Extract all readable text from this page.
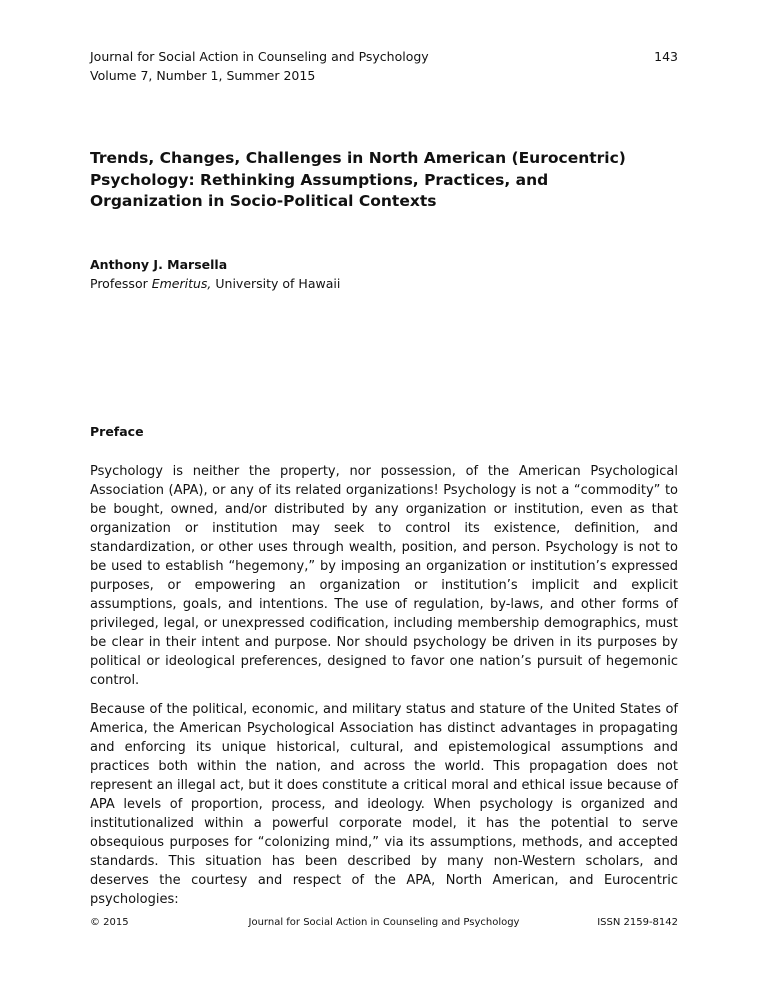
Journal for Social Action in Counseling and Psychology
Volume 7, Number 1, Summer 2015
143
Trends, Changes, Challenges in North American (Eurocentric) Psychology: Rethinking Assumptions, Practices, and Organization in Socio-Political Contexts
Anthony J. Marsella
Professor Emeritus, University of Hawaii
Preface

Psychology is neither the property, nor possession, of the American Psychological Association (APA), or any of its related organizations! Psychology is not a “commodity” to be bought, owned, and/or distributed by any organization or institution, even as that organization or institution may seek to control its existence, definition, and standardization, or other uses through wealth, position, and person. Psychology is not to be used to establish “hegemony,” by imposing an organization or institution’s expressed purposes, or empowering an organization or institution’s implicit and explicit assumptions, goals, and intentions. The use of regulation, by-laws, and other forms of privileged, legal, or unexpressed codification, including membership demographics, must be clear in their intent and purpose. Nor should psychology be driven in its purposes by political or ideological preferences, designed to favor one nation’s pursuit of hegemonic control.

Because of the political, economic, and military status and stature of the United States of America, the American Psychological Association has distinct advantages in propagating and enforcing its unique historical, cultural, and epistemological assumptions and practices both within the nation, and across the world. This propagation does not represent an illegal act, but it does constitute a critical moral and ethical issue because of APA levels of proportion, process, and ideology. When psychology is organized and institutionalized within a powerful corporate model, it has the potential to serve obsequious purposes for “colonizing mind,” via its assumptions, methods, and accepted standards. This situation has been described by many non-Western scholars, and deserves the courtesy and respect of the APA, North American, and Eurocentric psychologies:

© 2015	Journal for Social Action in Counseling and Psychology	ISSN 2159-8142
